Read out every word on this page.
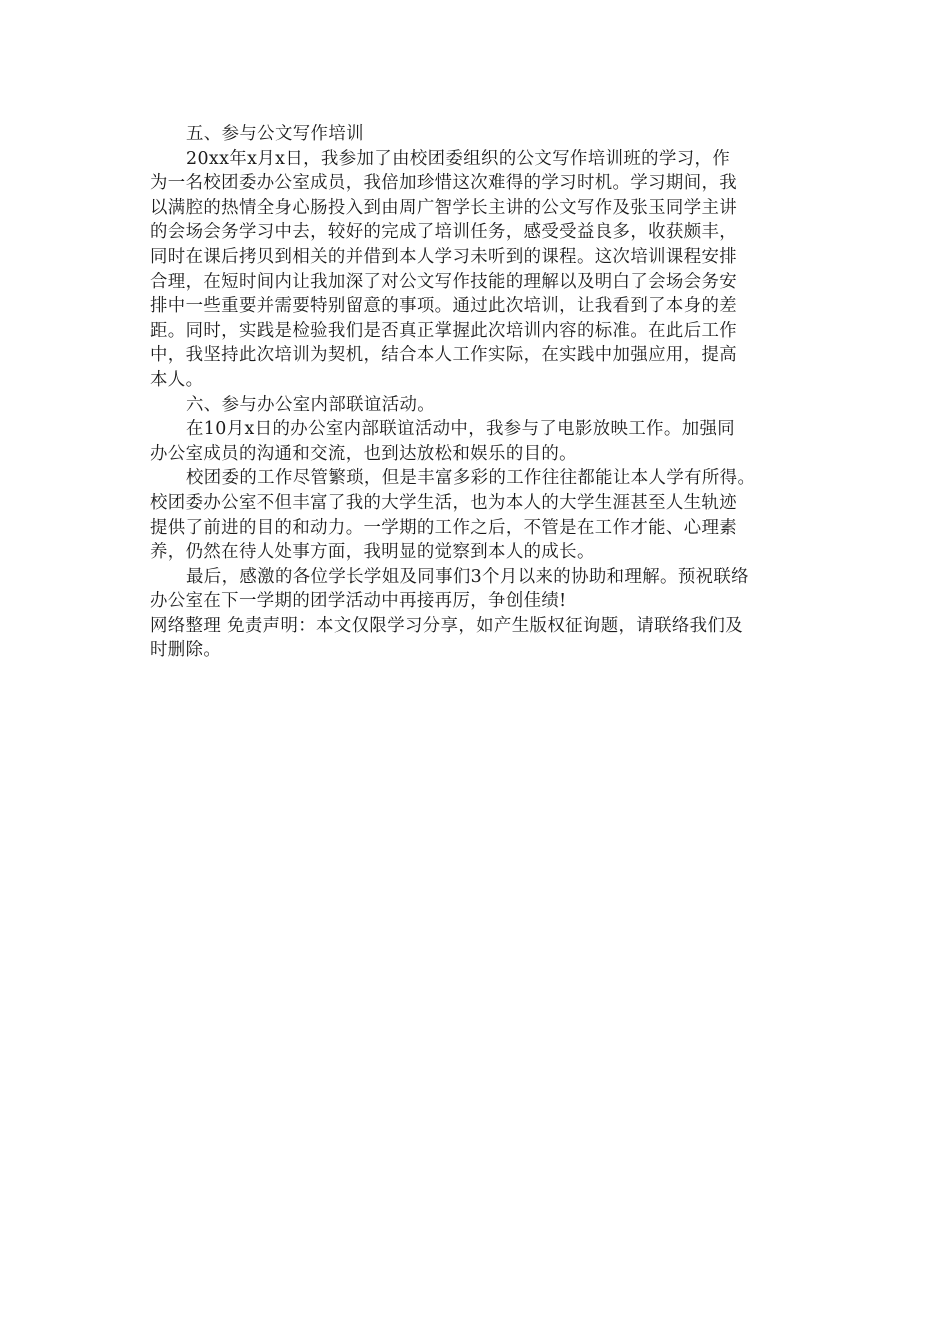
五、参与公文写作培训
20xx年x月x日，我参加了由校团委组织的公文写作培训班的学习，作
为一名校团委办公室成员，我倍加珍惜这次难得的学习时机。学习期间，我
以满腔的热情全身心肠投入到由周广智学长主讲的公文写作及张玉同学主讲
的会场会务学习中去，较好的完成了培训任务，感受受益良多，收获颇丰，
同时在课后拷贝到相关的并借到本人学习未听到的课程。这次培训课程安排
合理，在短时间内让我加深了对公文写作技能的理解以及明白了会场会务安
排中一些重要并需要特别留意的事项。通过此次培训，让我看到了本身的差
距。同时，实践是检验我们是否真正掌握此次培训内容的标准。在此后工作
中，我坚持此次培训为契机，结合本人工作实际，在实践中加强应用，提高
本人。
六、参与办公室内部联谊活动。
在10月x日的办公室内部联谊活动中，我参与了电影放映工作。加强同
办公室成员的沟通和交流，也到达放松和娱乐的目的。
校团委的工作尽管繁琐，但是丰富多彩的工作往往都能让本人学有所得。
校团委办公室不但丰富了我的大学生活，也为本人的大学生涯甚至人生轨迹
提供了前进的目的和动力。一学期的工作之后，不管是在工作才能、心理素
养，仍然在待人处事方面，我明显的觉察到本人的成长。
最后，感激的各位学长学姐及同事们3个月以来的协助和理解。预祝联络
办公室在下一学期的团学活动中再接再厉，争创佳绩!
网络整理 免责声明：本文仅限学习分享，如产生版权征询题，请联络我们及
时删除。
